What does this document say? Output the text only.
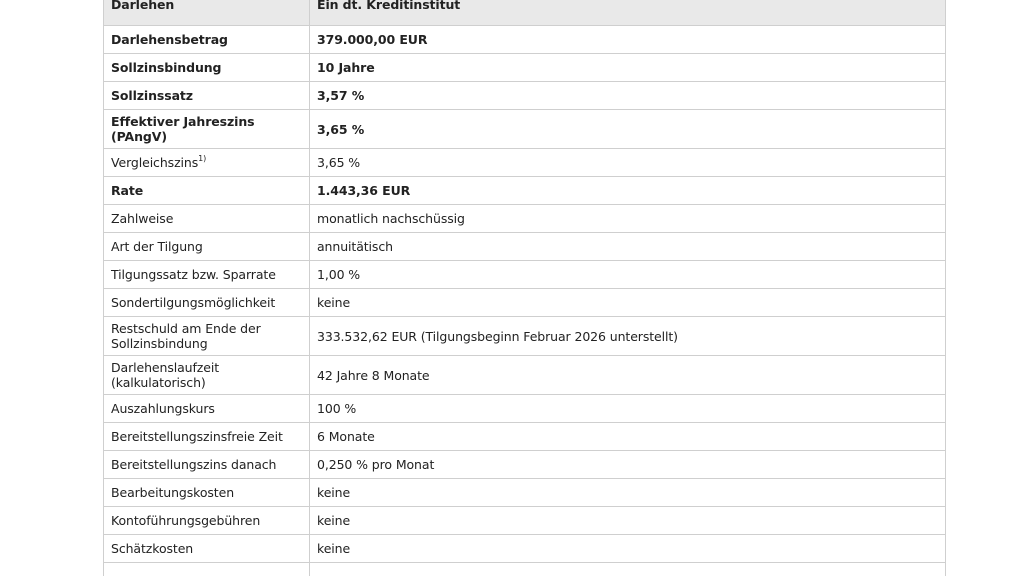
Darlehen	Ein dt. Kreditinstitut
Darlehensbetrag	379.000,00 EUR
Sollzinsbindung	10 Jahre
Sollzinssatz	3,57 %
Effektiver Jahreszins (PAngV)	3,65 %
Vergleichszins$^{1)}$	3,65 %
Rate	1.443,36 EUR
Zahlweise	monatlich nachschüssig
Art der Tilgung	annuitätisch
Tilgungssatz bzw. Sparrate	1,00 %
Sondertilgungsmöglichkeit	keine
Restschuld am Ende der Sollzinsbindung	333.532,62 EUR (Tilgungsbeginn Februar 2026 unterstellt)
Darlehenslaufzeit (kalkulatorisch)	42 Jahre 8 Monate
Auszahlungskurs	100 %
Bereitstellungszinsfreie Zeit	6 Monate
Bereitstellungszins danach	0,250 % pro Monat
Bearbeitungskosten	keine
Kontoführungsgebühren	keine
Schätzkosten	keine
